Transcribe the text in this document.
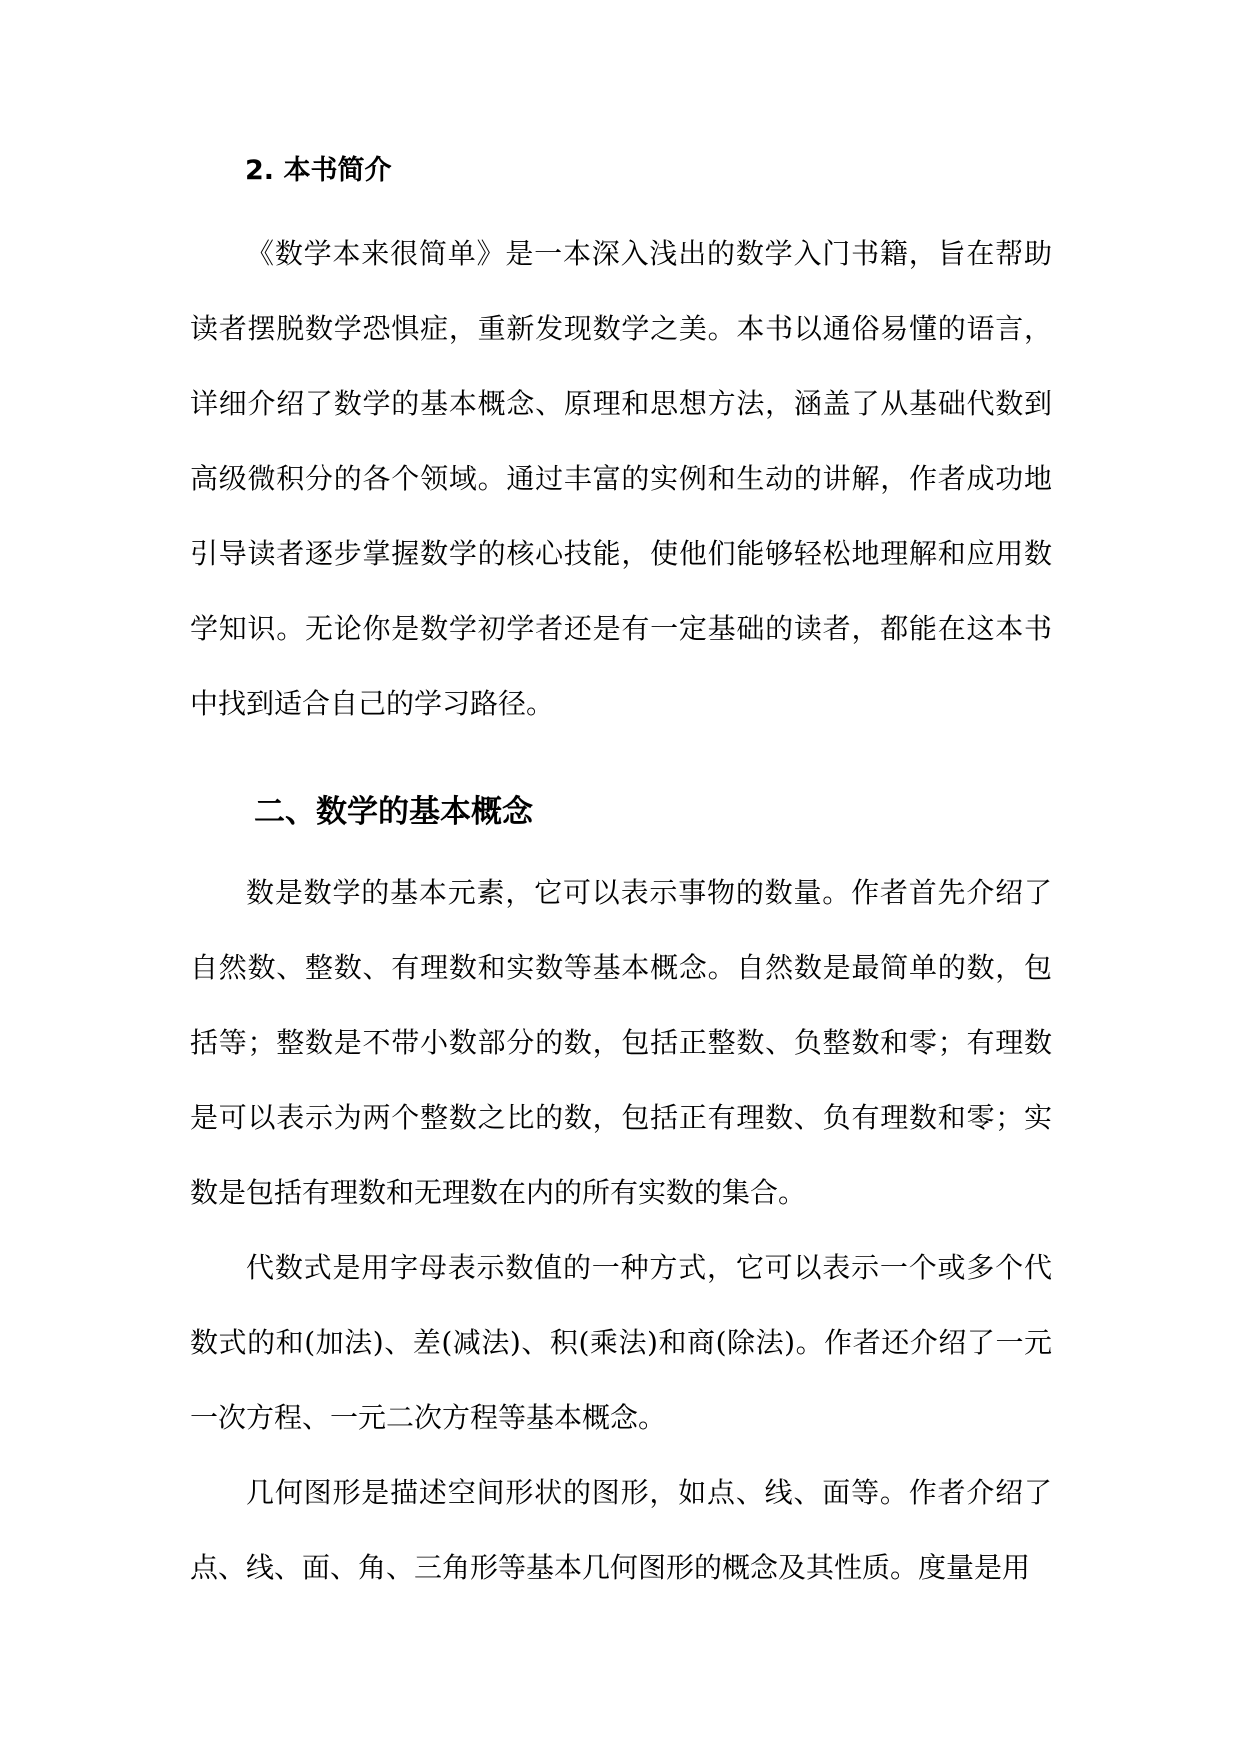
2. 本书简介

《数学本来很简单》是一本深入浅出的数学入门书籍，旨在帮助读者摆脱数学恐惧症，重新发现数学之美。本书以通俗易懂的语言，详细介绍了数学的基本概念、原理和思想方法，涵盖了从基础代数到高级微积分的各个领域。通过丰富的实例和生动的讲解，作者成功地引导读者逐步掌握数学的核心技能，使他们能够轻松地理解和应用数学知识。无论你是数学初学者还是有一定基础的读者，都能在这本书中找到适合自己的学习路径。

二、数学的基本概念

数是数学的基本元素，它可以表示事物的数量。作者首先介绍了自然数、整数、有理数和实数等基本概念。自然数是最简单的数，包括等；整数是不带小数部分的数，包括正整数、负整数和零；有理数是可以表示为两个整数之比的数，包括正有理数、负有理数和零；实数是包括有理数和无理数在内的所有实数的集合。

代数式是用字母表示数值的一种方式，它可以表示一个或多个代数式的和(加法)、差(减法)、积(乘法)和商(除法)。作者还介绍了一元一次方程、一元二次方程等基本概念。

几何图形是描述空间形状的图形，如点、线、面等。作者介绍了点、线、面、角、三角形等基本几何图形的概念及其性质。度量是用
